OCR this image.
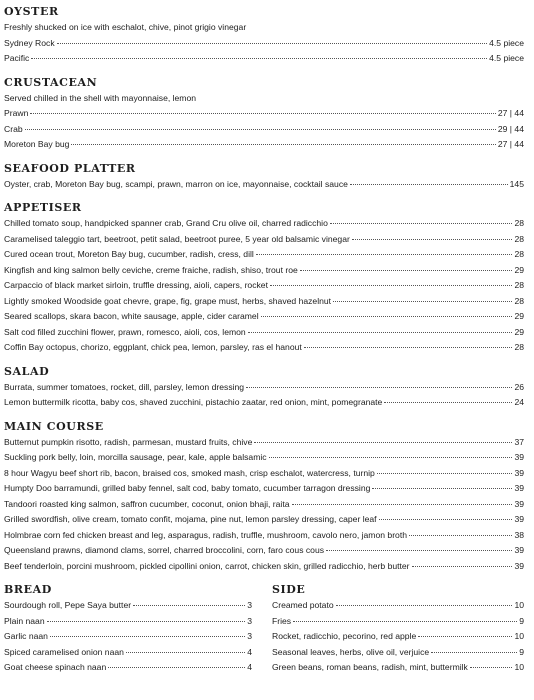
OYSTER
Freshly shucked on ice with eschalot, chive, pinot grigio vinegar
Sydney Rock	4.5 piece
Pacific	4.5 piece
CRUSTACEAN
Served chilled in the shell with mayonnaise, lemon
Prawn	27 | 44
Crab	29 | 44
Moreton Bay bug	27 | 44
SEAFOOD PLATTER
Oyster, crab, Moreton Bay bug, scampi, prawn, marron on ice, mayonnaise, cocktail sauce	145
APPETISER
Chilled tomato soup, handpicked spanner crab, Grand Cru olive oil, charred radicchio	28
Caramelised taleggio tart, beetroot, petit salad, beetroot puree, 5 year old balsamic vinegar	28
Cured ocean trout, Moreton Bay bug, cucumber, radish, cress, dill	28
Kingfish and king salmon belly ceviche, creme fraiche, radish, shiso, trout roe	29
Carpaccio of black market sirloin, truffle dressing, aioli, capers, rocket	28
Lightly smoked Woodside goat chevre, grape, fig, grape must, herbs, shaved hazelnut	28
Seared scallops, skara bacon, white sausage, apple, cider caramel	29
Salt cod filled zucchini flower, prawn, romesco, aioli, cos, lemon	29
Coffin Bay octopus, chorizo, eggplant, chick pea, lemon, parsley, ras el hanout	28
SALAD
Burrata, summer tomatoes, rocket, dill, parsley, lemon dressing	26
Lemon buttermilk ricotta, baby cos, shaved zucchini, pistachio zaatar, red onion, mint, pomegranate	24
MAIN COURSE
Butternut pumpkin risotto, radish, parmesan, mustard fruits, chive	37
Suckling pork belly, loin, morcilla sausage, pear, kale, apple balsamic	39
8 hour Wagyu beef short rib, bacon, braised cos, smoked mash, crisp eschalot, watercress, turnip	39
Humpty Doo barramundi, grilled baby fennel, salt cod, baby tomato, cucumber tarragon dressing	39
Tandoori roasted king salmon, saffron cucumber, coconut, onion bhaji, raita	39
Grilled swordfish, olive cream, tomato confit, mojama, pine nut, lemon parsley dressing, caper leaf	39
Holmbrae corn fed chicken breast and leg, asparagus, radish, truffle, mushroom, cavolo nero, jamon broth	38
Queensland prawns, diamond clams, sorrel, charred broccolini, corn, faro cous cous	39
Beef tenderloin, porcini mushroom, pickled cipollini onion, carrot, chicken skin, grilled radicchio, herb butter	39
BREAD
Sourdough roll, Pepe Saya butter	3
Plain naan	3
Garlic naan	3
Spiced caramelised onion naan	4
Goat cheese spinach naan	4
SIDE
Creamed potato	10
Fries	9
Rocket, radicchio, pecorino, red apple	10
Seasonal leaves, herbs, olive oil, verjuice	9
Green beans, roman beans, radish, mint, buttermilk	10
